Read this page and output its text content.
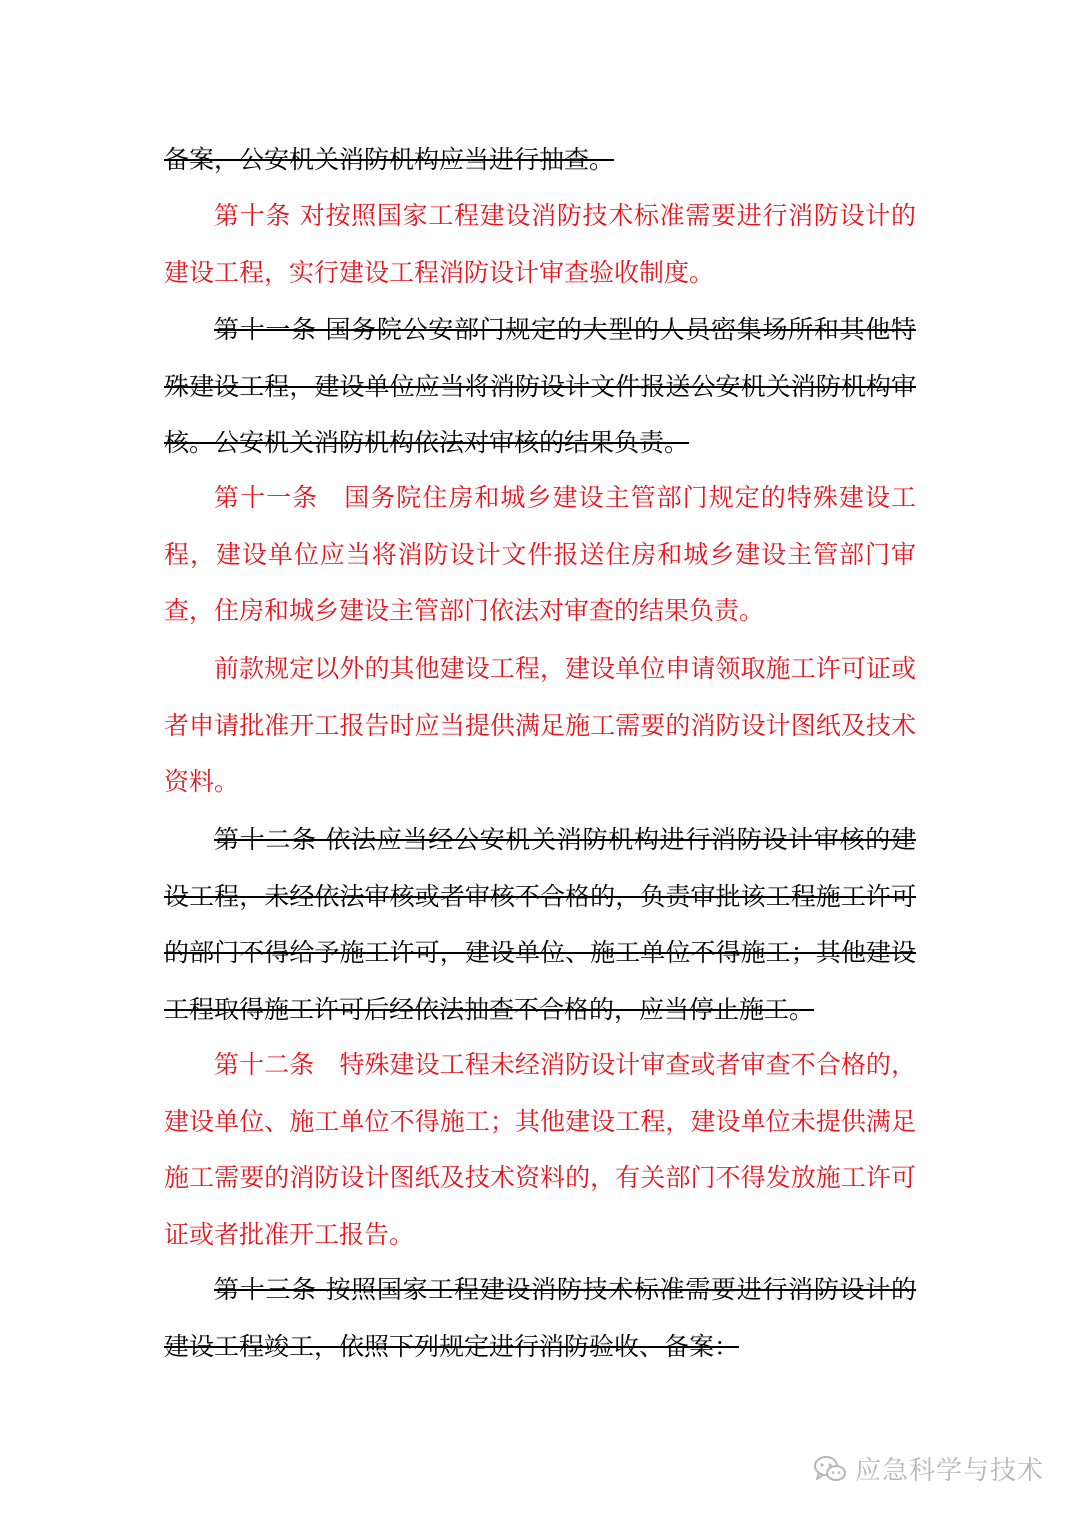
备案，公安机关消防机构应当进行抽查。

第十条 对按照国家工程建设消防技术标准需要进行消防设计的建设工程，实行建设工程消防设计审查验收制度。

第十一条 国务院公安部门规定的大型的人员密集场所和其他特殊建设工程，建设单位应当将消防设计文件报送公安机关消防机构审核。公安机关消防机构依法对审核的结果负责。

第十一条　国务院住房和城乡建设主管部门规定的特殊建设工程，建设单位应当将消防设计文件报送住房和城乡建设主管部门审查，住房和城乡建设主管部门依法对审查的结果负责。

前款规定以外的其他建设工程，建设单位申请领取施工许可证或者申请批准开工报告时应当提供满足施工需要的消防设计图纸及技术资料。

第十二条 依法应当经公安机关消防机构进行消防设计审核的建设工程，未经依法审核或者审核不合格的，负责审批该工程施工许可的部门不得给予施工许可，建设单位、施工单位不得施工；其他建设工程取得施工许可后经依法抽查不合格的，应当停止施工。

第十二条　特殊建设工程未经消防设计审查或者审查不合格的，建设单位、施工单位不得施工；其他建设工程，建设单位未提供满足施工需要的消防设计图纸及技术资料的，有关部门不得发放施工许可证或者批准开工报告。

第十三条 按照国家工程建设消防技术标准需要进行消防设计的建设工程竣工，依照下列规定进行消防验收、备案：

应急科学与技术
